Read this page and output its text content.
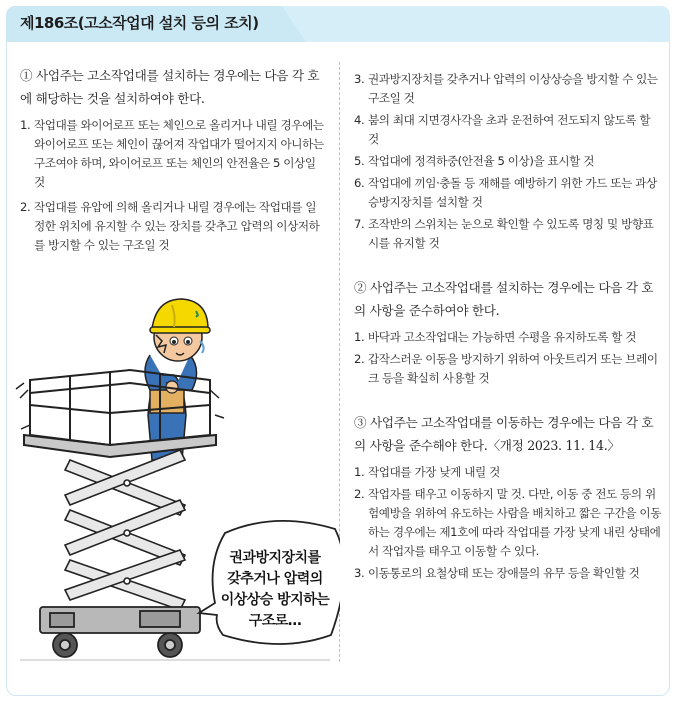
제186조(고소작업대 설치 등의 조치)

① 사업주는 고소작업대를 설치하는 경우에는 다음 각 호에 해당하는 것을 설치하여야 한다.

1. 작업대를 와이어로프 또는 체인으로 올리거나 내릴 경우에는 와이어로프 또는 체인이 끊어져 작업대가 떨어지지 아니하는 구조여야 하며, 와이어로프 또는 체인의 안전율은 5 이상일 것
2. 작업대를 유압에 의해 올리거나 내릴 경우에는 작업대를 일정한 위치에 유지할 수 있는 장치를 갖추고 압력의 이상저하를 방지할 수 있는 구조일 것
3. 권과방지장치를 갖추거나 압력의 이상상승을 방지할 수 있는 구조일 것
4. 붐의 최대 지면경사각을 초과 운전하여 전도되지 않도록 할 것
5. 작업대에 정격하중(안전율 5 이상)을 표시할 것
6. 작업대에 끼임·충돌 등 재해를 예방하기 위한 가드 또는 과상승방지장치를 설치할 것
7. 조작반의 스위치는 눈으로 확인할 수 있도록 명칭 및 방향표시를 유지할 것

② 사업주는 고소작업대를 설치하는 경우에는 다음 각 호의 사항을 준수하여야 한다.

1. 바닥과 고소작업대는 가능하면 수평을 유지하도록 할 것
2. 갑작스러운 이동을 방지하기 위하여 아웃트리거 또는 브레이크 등을 확실히 사용할 것

③ 사업주는 고소작업대를 이동하는 경우에는 다음 각 호의 사항을 준수해야 한다.〈개정 2023. 11. 14.〉

1. 작업대를 가장 낮게 내릴 것
2. 작업자를 태우고 이동하지 말 것. 다만, 이동 중 전도 등의 위험예방을 위하여 유도하는 사람을 배치하고 짧은 구간을 이동하는 경우에는 제1호에 따라 작업대를 가장 낮게 내린 상태에서 작업자를 태우고 이동할 수 있다.
3. 이동통로의 요철상태 또는 장애물의 유무 등을 확인할 것
권과방지장치를
갖추거나 압력의
이상상승 방지하는
구조로…
